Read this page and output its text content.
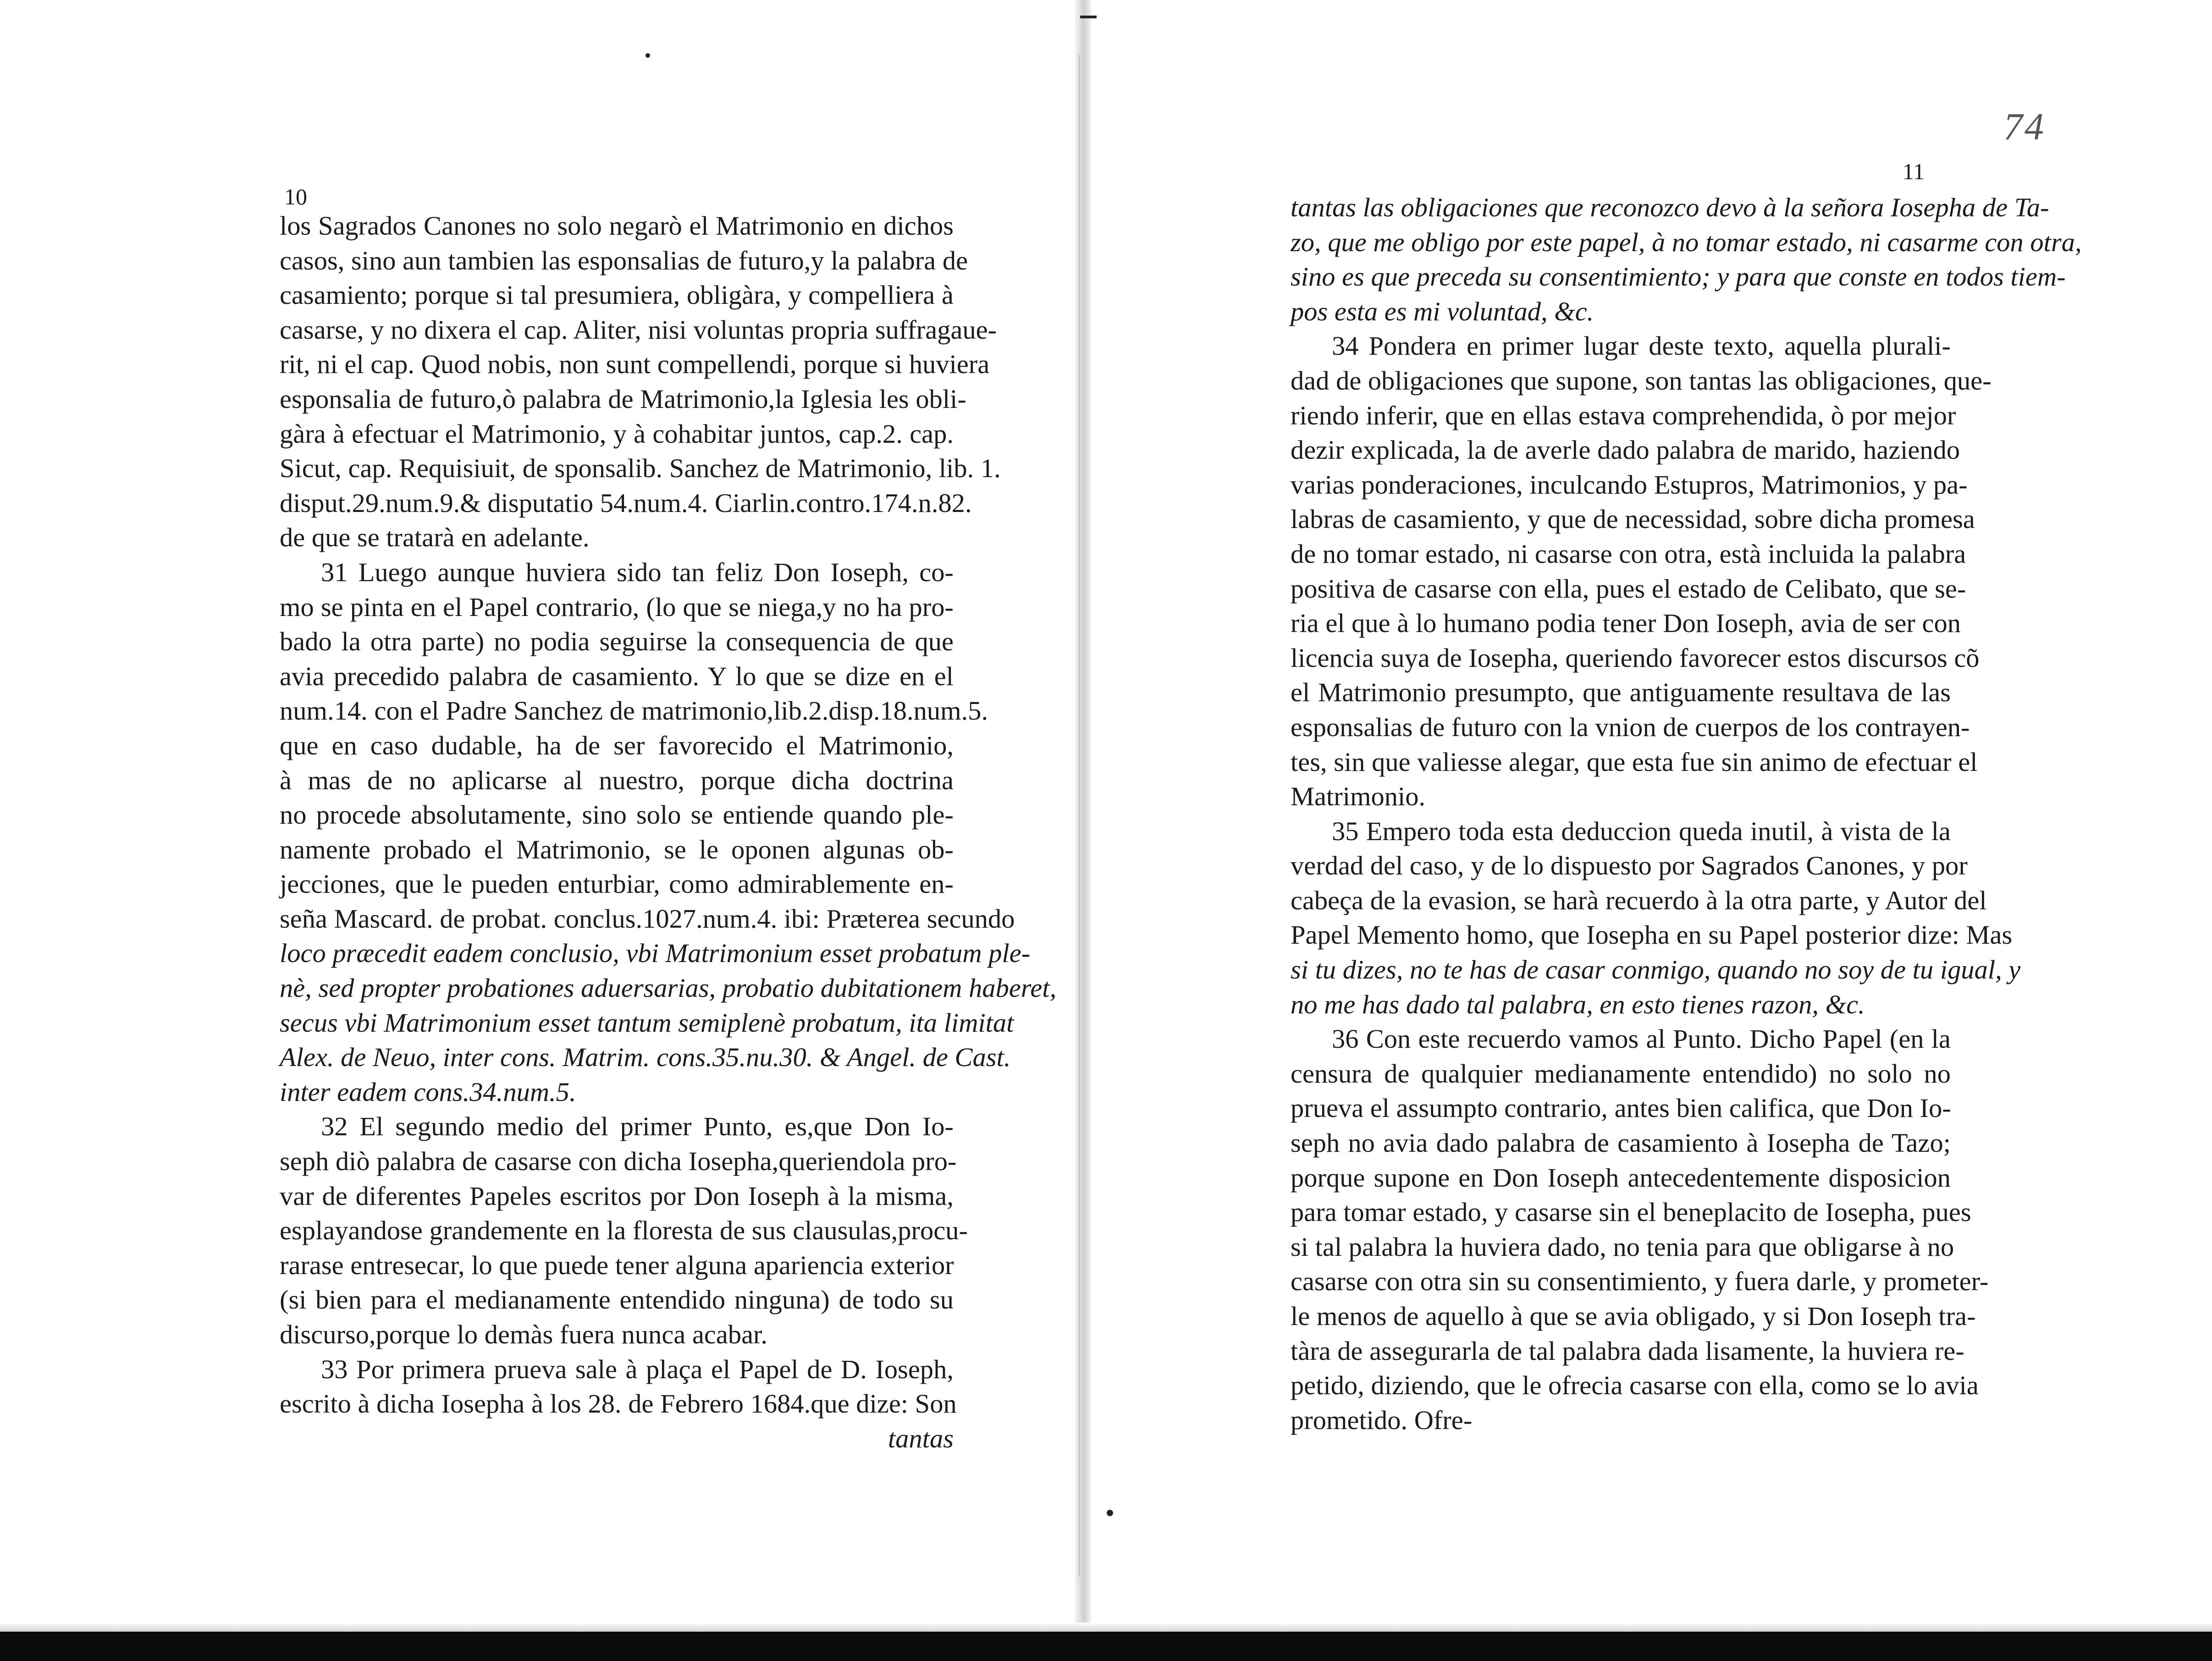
10
11
74
los Sagrados Canones no solo negarò el Matrimonio en dichos
casos, sino aun tambien las esponsalias de futuro,y la palabra de
casamiento; porque si tal presumiera, obligàra, y compelliera à
casarse, y no dixera el cap. Aliter, nisi voluntas propria suffragaue-
rit, ni el cap. Quod nobis, non sunt compellendi, porque si huviera
esponsalia de futuro,ò palabra de Matrimonio,la Iglesia les obli-
gàra à efectuar el Matrimonio, y à cohabitar juntos, cap.2. cap.
Sicut, cap. Requisiuit, de sponsalib. Sanchez de Matrimonio, lib. 1.
disput.29.num.9.& disputatio 54.num.4. Ciarlin.contro.174.n.82.
de que se tratarà en adelante.
31 Luego aunque huviera sido tan feliz Don Ioseph, co-
mo se pinta en el Papel contrario, (lo que se niega,y no ha pro-
bado la otra parte) no podia seguirse la consequencia de que
avia precedido palabra de casamiento. Y lo que se dize en el
num.14. con el Padre Sanchez de matrimonio,lib.2.disp.18.num.5.
que en caso dudable, ha de ser favorecido el Matrimonio,
à mas de no aplicarse al nuestro, porque dicha doctrina
no procede absolutamente, sino solo se entiende quando ple-
namente probado el Matrimonio, se le oponen algunas ob-
jecciones, que le pueden enturbiar, como admirablemente en-
seña Mascard. de probat. conclus.1027.num.4. ibi: Præterea secundo
loco præcedit eadem conclusio, vbi Matrimonium esset probatum ple-
nè, sed propter probationes aduersarias, probatio dubitationem haberet,
secus vbi Matrimonium esset tantum semiplenè probatum, ita limitat
Alex. de Neuo, inter cons. Matrim. cons.35.nu.30. & Angel. de Cast.
inter eadem cons.34.num.5.
32 El segundo medio del primer Punto, es,que Don Io-
seph diò palabra de casarse con dicha Iosepha,queriendola pro-
var de diferentes Papeles escritos por Don Ioseph à la misma,
esplayandose grandemente en la floresta de sus clausulas,procu-
rarase entresecar, lo que puede tener alguna apariencia exterior
(si bien para el medianamente entendido ninguna) de todo su
discurso,porque lo demàs fuera nunca acabar.
33 Por primera prueva sale à plaça el Papel de D. Ioseph,
escrito à dicha Iosepha à los 28. de Febrero 1684.que dize: Son
tantas
tantas las obligaciones que reconozco devo à la señora Iosepha de Ta-
zo, que me obligo por este papel, à no tomar estado, ni casarme con otra,
sino es que preceda su consentimiento; y para que conste en todos tiem-
pos esta es mi voluntad, &c.
34 Pondera en primer lugar deste texto, aquella plurali-
dad de obligaciones que supone, son tantas las obligaciones, que-
riendo inferir, que en ellas estava comprehendida, ò por mejor
dezir explicada, la de averle dado palabra de marido, haziendo
varias ponderaciones, inculcando Estupros, Matrimonios, y pa-
labras de casamiento, y que de necessidad, sobre dicha promesa
de no tomar estado, ni casarse con otra, està incluida la palabra
positiva de casarse con ella, pues el estado de Celibato, que se-
ria el que à lo humano podia tener Don Ioseph, avia de ser con
licencia suya de Iosepha, queriendo favorecer estos discursos cõ
el Matrimonio presumpto, que antiguamente resultava de las
esponsalias de futuro con la vnion de cuerpos de los contrayen-
tes, sin que valiesse alegar, que esta fue sin animo de efectuar el
Matrimonio.
35 Empero toda esta deduccion queda inutil, à vista de la
verdad del caso, y de lo dispuesto por Sagrados Canones, y por
cabeça de la evasion, se harà recuerdo à la otra parte, y Autor del
Papel Memento homo, que Iosepha en su Papel posterior dize: Mas
si tu dizes, no te has de casar conmigo, quando no soy de tu igual, y
no me has dado tal palabra, en esto tienes razon, &c.
36 Con este recuerdo vamos al Punto. Dicho Papel (en la
censura de qualquier medianamente entendido) no solo no
prueva el assumpto contrario, antes bien califica, que Don Io-
seph no avia dado palabra de casamiento à Iosepha de Tazo;
porque supone en Don Ioseph antecedentemente disposicion
para tomar estado, y casarse sin el beneplacito de Iosepha, pues
si tal palabra la huviera dado, no tenia para que obligarse à no
casarse con otra sin su consentimiento, y fuera darle, y prometer-
le menos de aquello à que se avia obligado, y si Don Ioseph tra-
tàra de assegurarla de tal palabra dada lisamente, la huviera re-
petido, diziendo, que le ofrecia casarse con ella, como se lo avia
prometido. Ofre-
